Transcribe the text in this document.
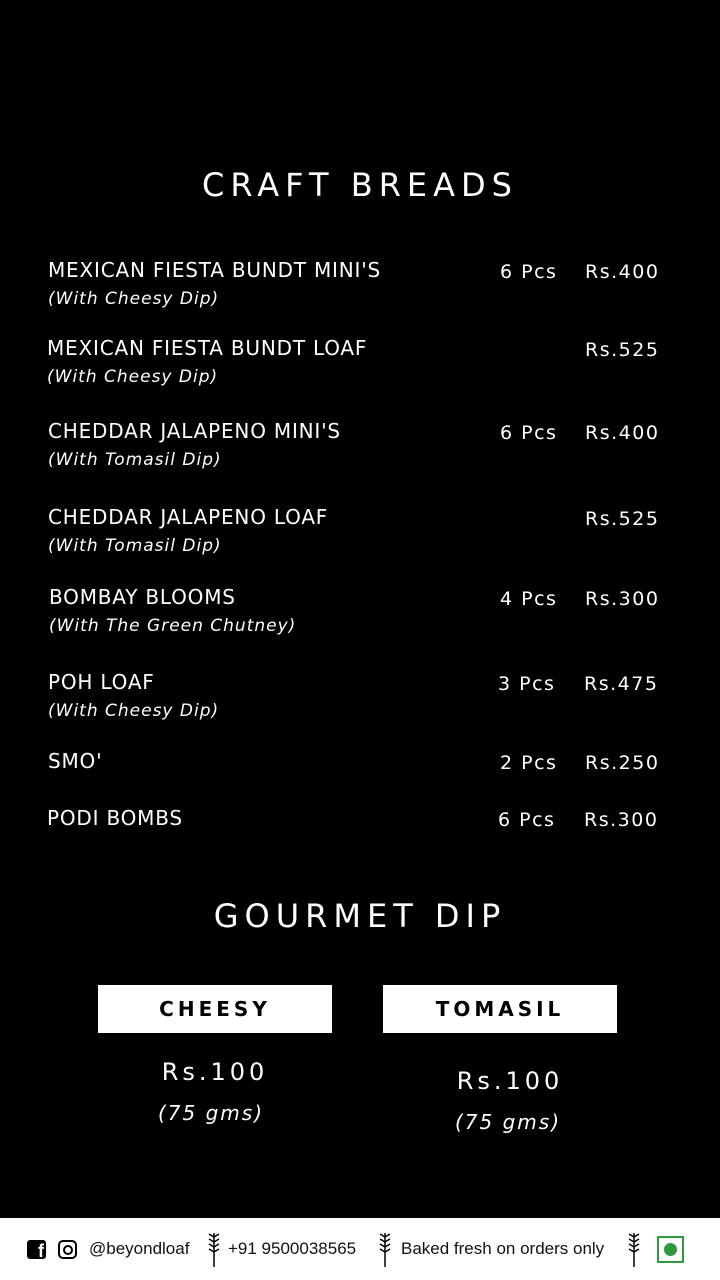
CRAFT BREADS
MEXICAN FIESTA BUNDT MINI'S
(With Cheesy Dip)
6 Pcs Rs.400
MEXICAN FIESTA BUNDT LOAF
(With Cheesy Dip)
Rs.525
CHEDDAR JALAPENO MINI'S
(With Tomasil Dip)
6 Pcs Rs.400
CHEDDAR JALAPENO LOAF
(With Tomasil Dip)
Rs.525
BOMBAY BLOOMS
(With The Green Chutney)
4 Pcs Rs.300
POH LOAF
(With Cheesy Dip)
3 Pcs Rs.475
SMO'	2 Pcs Rs.250
PODI BOMBS	6 Pcs Rs.300
GOURMET DIP
CHEESY
Rs.100
(75 gms)
TOMASIL
Rs.100
(75 gms)
f
@beyondloaf +91 9500038565	Baked fresh on orders only
